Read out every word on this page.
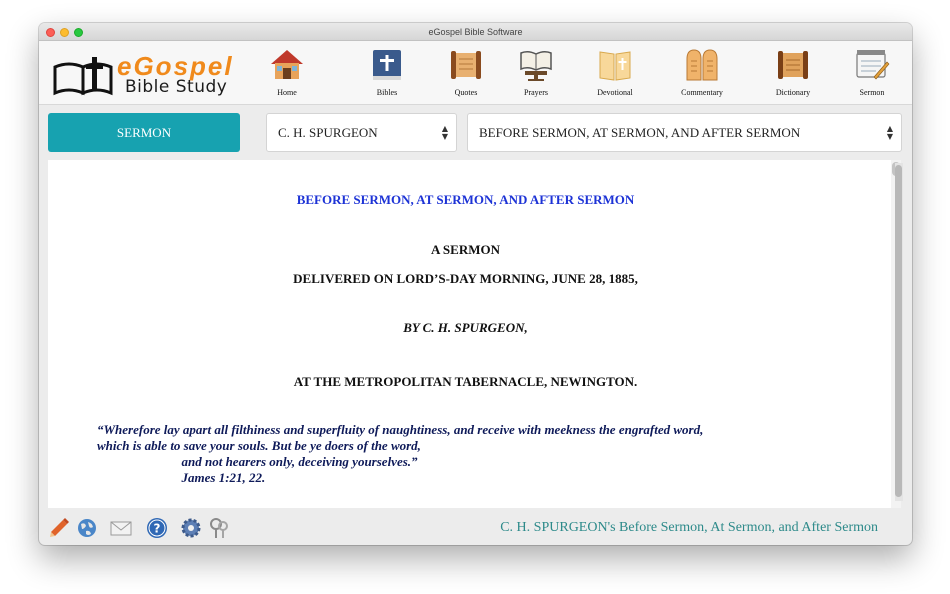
eGospel Bible Software
eGospel
Bible Study	Home	Bibles	Quotes	Prayers	Devotional	Commentary	Dictionary	Sermon
SERMON	C. H. SPURGEON	▲
▼	BEFORE SERMON, AT SERMON, AND AFTER SERMON	▲
▼
BEFORE SERMON, AT SERMON, AND AFTER SERMON
A SERMON
DELIVERED ON LORD’S-DAY MORNING, JUNE 28, 1885,
BY C. H. SPURGEON,
AT THE METROPOLITAN TABERNACLE, NEWINGTON.
“Wherefore lay apart all filthiness and superfluity of naughtiness, and receive with meekness the engrafted word,
which is able to save your souls. But be ye doers of the word,
and not hearers only, deceiving yourselves.”
James 1:21, 22.
?	C. H. SPURGEON's Before Sermon, At Sermon, and After Sermon
